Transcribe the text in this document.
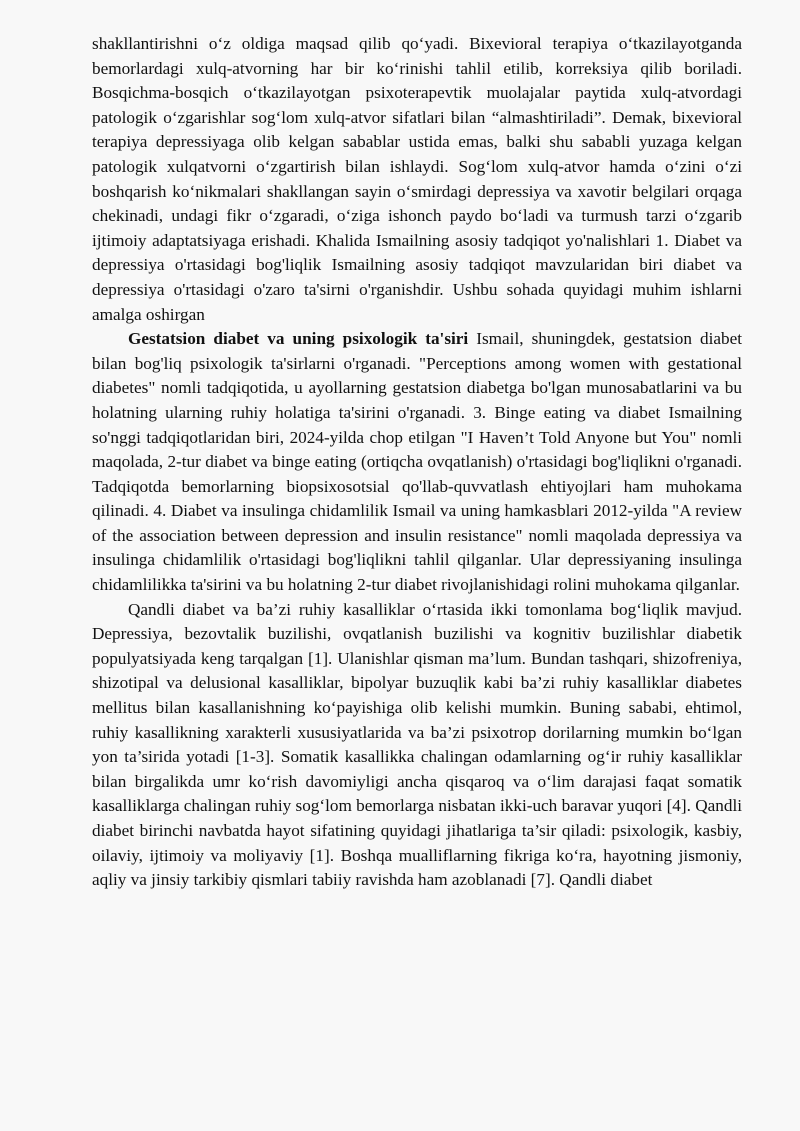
shakllantirishni o‘z oldiga maqsad qilib qo‘yadi. Bixevioral terapiya o‘tkazilayotganda bemorlardagi xulq-atvorning har bir ko‘rinishi tahlil etilib, korreksiya qilib boriladi. Bosqichma-bosqich o‘tkazilayotgan psixoterapevtik muolajalar paytida xulq-atvordagi patologik o‘zgarishlar sog‘lom xulq-atvor sifatlari bilan “almashtiriladi”. Demak, bixevioral terapiya depressiyaga olib kelgan sabablar ustida emas, balki shu sababli yuzaga kelgan patologik xulqatvorni o‘zgartirish bilan ishlaydi. Sog‘lom xulq-atvor hamda o‘zini o‘zi boshqarish ko‘nikmalari shakllangan sayin o‘smirdagi depressiya va xavotir belgilari orqaga chekinadi, undagi fikr o‘zgaradi, o‘ziga ishonch paydo bo‘ladi va turmush tarzi o‘zgarib ijtimoiy adaptatsiyaga erishadi. Khalida Ismailning asosiy tadqiqot yo'nalishlari 1. Diabet va depressiya o'rtasidagi bog'liqlik Ismailning asosiy tadqiqot mavzularidan biri diabet va depressiya o'rtasidagi o'zaro ta'sirni o'rganishdir. Ushbu sohada quyidagi muhim ishlarni amalga oshirgan

Gestatsion diabet va uning psixologik ta'siri Ismail, shuningdek, gestatsion diabet bilan bog'liq psixologik ta'sirlarni o'rganadi. "Perceptions among women with gestational diabetes" nomli tadqiqotida, u ayollarning gestatsion diabetga bo'lgan munosabatlarini va bu holatning ularning ruhiy holatiga ta'sirini o'rganadi. 3. Binge eating va diabet Ismailning so'nggi tadqiqotlaridan biri, 2024-yilda chop etilgan "I Haven’t Told Anyone but You" nomli maqolada, 2-tur diabet va binge eating (ortiqcha ovqatlanish) o'rtasidagi bog'liqlikni o'rganadi. Tadqiqotda bemorlarning biopsixosotsial qo'llab-quvvatlash ehtiyojlari ham muhokama qilinadi. 4. Diabet va insulinga chidamlilik Ismail va uning hamkasblari 2012-yilda "A review of the association between depression and insulin resistance" nomli maqolada depressiya va insulinga chidamlilik o'rtasidagi bog'liqlikni tahlil qilganlar. Ular depressiyaning insulinga chidamlilikka ta'sirini va bu holatning 2-tur diabet rivojlanishidagi rolini muhokama qilganlar.

Qandli diabet va ba’zi ruhiy kasalliklar o‘rtasida ikki tomonlama bog‘liqlik mavjud. Depressiya, bezovtalik buzilishi, ovqatlanish buzilishi va kognitiv buzilishlar diabetik populyatsiyada keng tarqalgan [1]. Ulanishlar qisman ma’lum. Bundan tashqari, shizofreniya, shizotipal va delusional kasalliklar, bipolyar buzuqlik kabi ba’zi ruhiy kasalliklar diabetes mellitus bilan kasallanishning ko‘payishiga olib kelishi mumkin. Buning sababi, ehtimol, ruhiy kasallikning xarakterli xususiyatlarida va ba’zi psixotrop dorilarning mumkin bo‘lgan yon ta’sirida yotadi [1-3]. Somatik kasallikka chalingan odamlarning og‘ir ruhiy kasalliklar bilan birgalikda umr ko‘rish davomiyligi ancha qisqaroq va o‘lim darajasi faqat somatik kasalliklarga chalingan ruhiy sog‘lom bemorlarga nisbatan ikki-uch baravar yuqori [4]. Qandli diabet birinchi navbatda hayot sifatining quyidagi jihatlariga ta’sir qiladi: psixologik, kasbiy, oilaviy, ijtimoiy va moliyaviy [1]. Boshqa mualliflarning fikriga ko‘ra, hayotning jismoniy, aqliy va jinsiy tarkibiy qismlari tabiiy ravishda ham azoblanadi [7]. Qandli diabet
